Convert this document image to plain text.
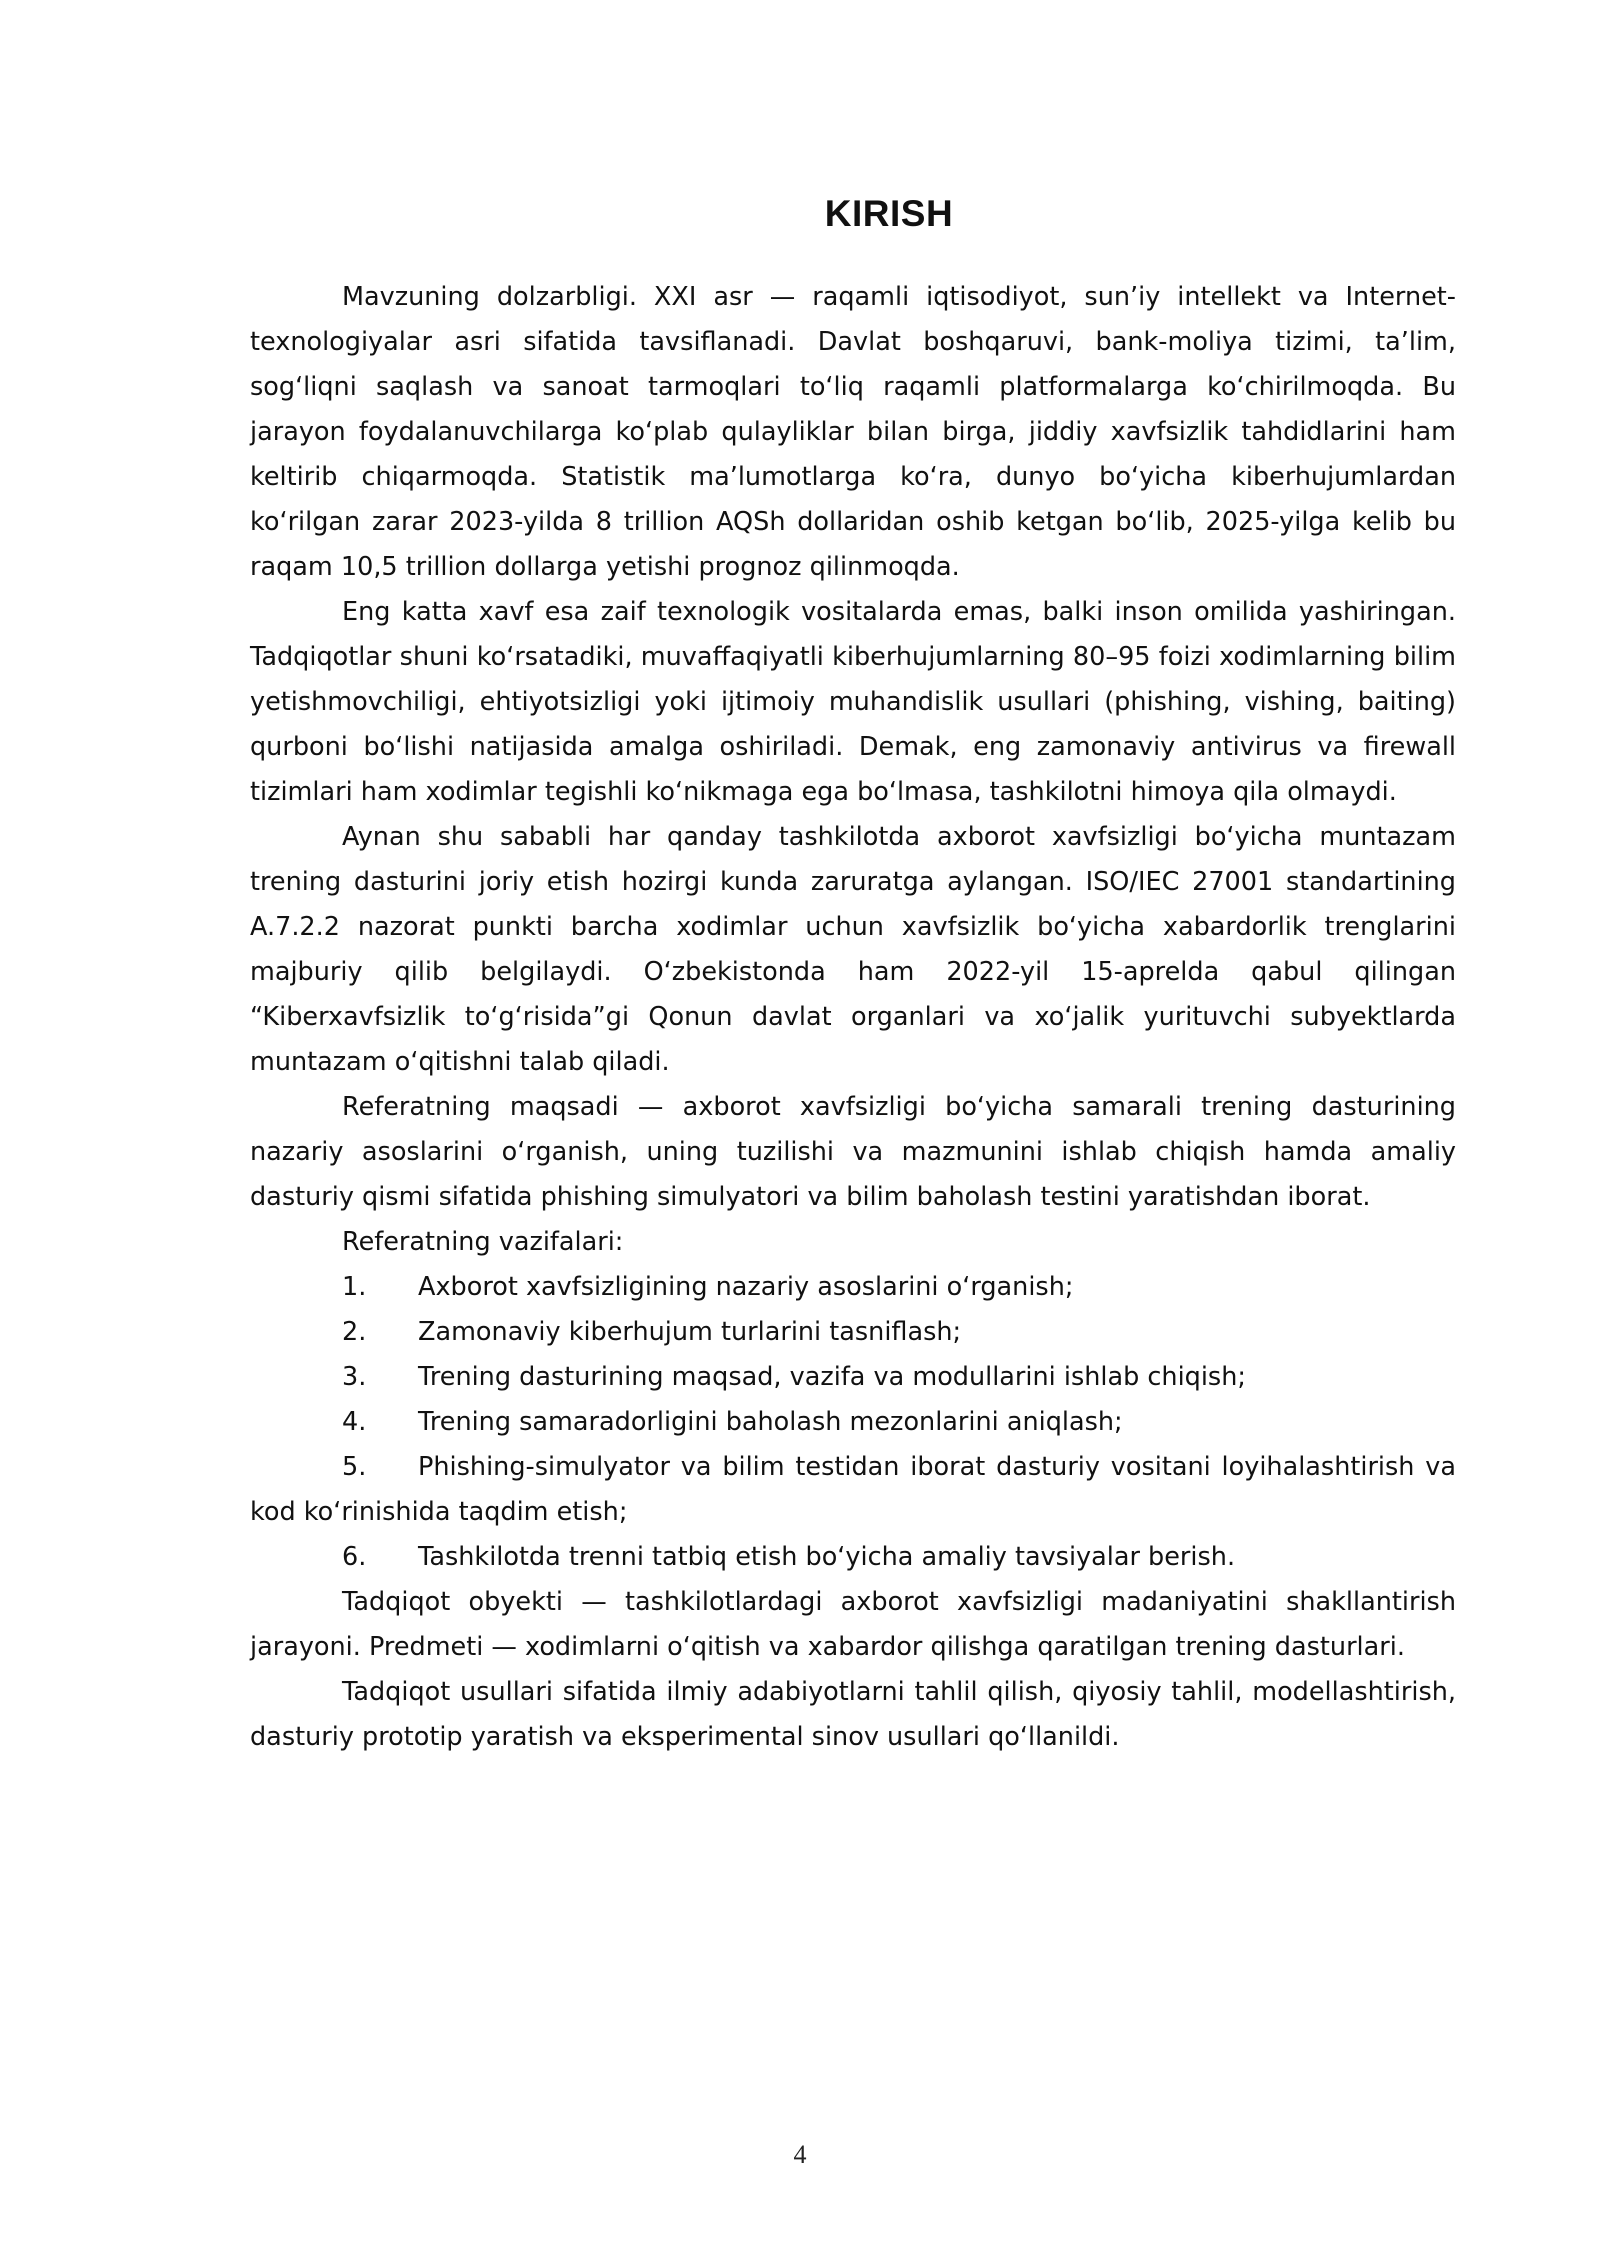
KIRISH

Mavzuning dolzarbligi. XXI asr — raqamli iqtisodiyot, sun’iy intellekt va Internet-texnologiyalar asri sifatida tavsiflanadi. Davlat boshqaruvi, bank-moliya tizimi, ta’lim, sog‘liqni saqlash va sanoat tarmoqlari to‘liq raqamli platformalarga ko‘chirilmoqda. Bu jarayon foydalanuvchilarga ko‘plab qulayliklar bilan birga, jiddiy xavfsizlik tahdidlarini ham keltirib chiqarmoqda. Statistik ma’lumotlarga ko‘ra, dunyo bo‘yicha kiberhujumlardan ko‘rilgan zarar 2023-yilda 8 trillion AQSh dollaridan oshib ketgan bo‘lib, 2025-yilga kelib bu raqam 10,5 trillion dollarga yetishi prognoz qilinmoqda.

Eng katta xavf esa zaif texnologik vositalarda emas, balki inson omilida yashiringan. Tadqiqotlar shuni ko‘rsatadiki, muvaffaqiyatli kiberhujumlarning 80–95 foizi xodimlarning bilim yetishmovchiligi, ehtiyotsizligi yoki ijtimoiy muhandislik usullari (phishing, vishing, baiting) qurboni bo‘lishi natijasida amalga oshiriladi. Demak, eng zamonaviy antivirus va firewall tizimlari ham xodimlar tegishli ko‘nikmaga ega bo‘lmasa, tashkilotni himoya qila olmaydi.

Aynan shu sababli har qanday tashkilotda axborot xavfsizligi bo‘yicha muntazam trening dasturini joriy etish hozirgi kunda zaruratga aylangan. ISO/IEC 27001 standartining A.7.2.2 nazorat punkti barcha xodimlar uchun xavfsizlik bo‘yicha xabardorlik trenglarini majburiy qilib belgilaydi. O‘zbekistonda ham 2022-yil 15-aprelda qabul qilingan “Kiberxavfsizlik to‘g‘risida”gi Qonun davlat organlari va xo‘jalik yurituvchi subyektlarda muntazam o‘qitishni talab qiladi.

Referatning maqsadi — axborot xavfsizligi bo‘yicha samarali trening dasturining nazariy asoslarini o‘rganish, uning tuzilishi va mazmunini ishlab chiqish hamda amaliy dasturiy qismi sifatida phishing simulyatori va bilim baholash testini yaratishdan iborat.

Referatning vazifalari:

1. Axborot xavfsizligining nazariy asoslarini o‘rganish;

2. Zamonaviy kiberhujum turlarini tasniflash;

3. Trening dasturining maqsad, vazifa va modullarini ishlab chiqish;

4. Trening samaradorligini baholash mezonlarini aniqlash;

5. Phishing-simulyator va bilim testidan iborat dasturiy vositani loyihalashtirish va kod ko‘rinishida taqdim etish;

6. Tashkilotda trenni tatbiq etish bo‘yicha amaliy tavsiyalar berish.

Tadqiqot obyekti — tashkilotlardagi axborot xavfsizligi madaniyatini shakllantirish jarayoni. Predmeti — xodimlarni o‘qitish va xabardor qilishga qaratilgan trening dasturlari.

Tadqiqot usullari sifatida ilmiy adabiyotlarni tahlil qilish, qiyosiy tahlil, modellashtirish, dasturiy prototip yaratish va eksperimental sinov usullari qo‘llanildi.

4
